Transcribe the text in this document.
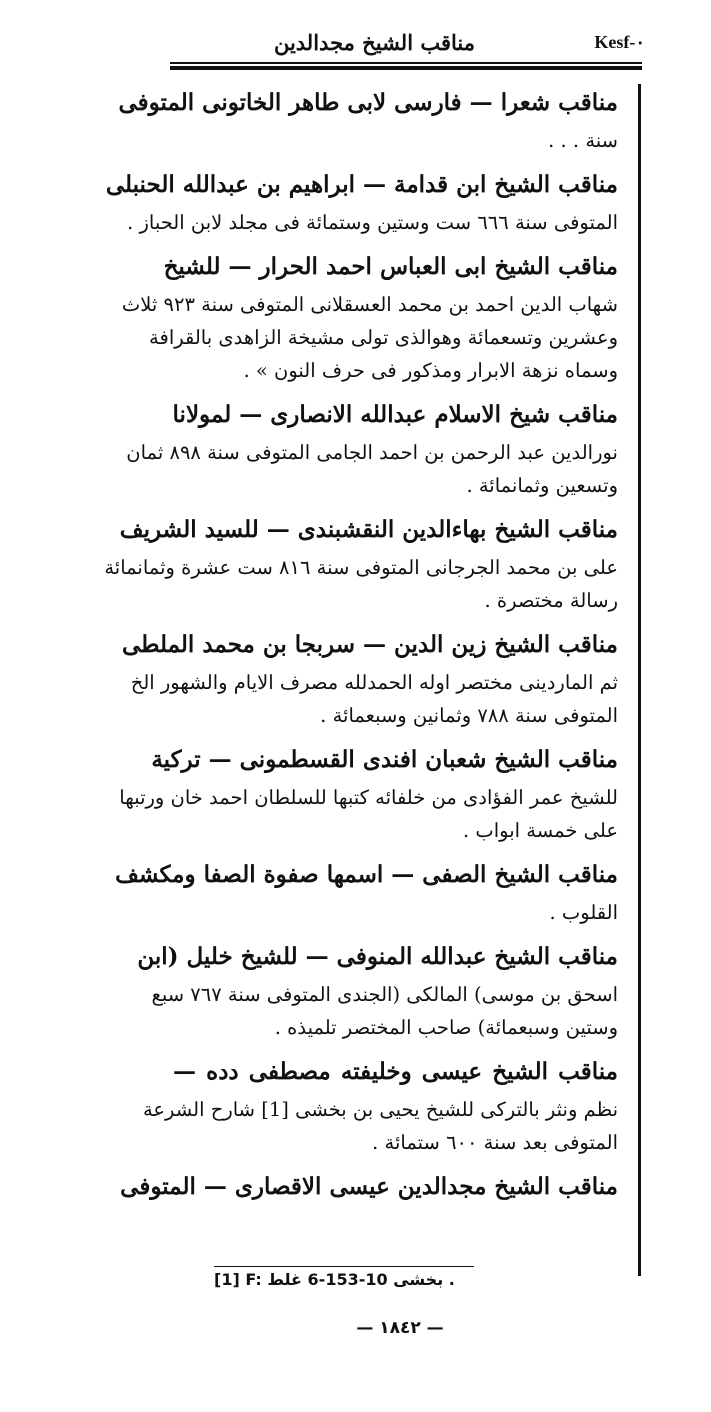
مناقب الشيخ مجدالدين	Kesf-٠
مناقب شعرا — فارسى لابى طاهر الخاتونى المتوفى
سنة . . .
مناقب الشيخ ابن قدامة — ابراهيم بن عبدالله الحنبلى
المتوفى سنة ٦٦٦ ست وستين وستمائة فى مجلد لابن الحباز .
مناقب الشيخ ابى العباس احمد الحرار — للشيخ
شهاب الدين احمد بن محمد العسقلانى المتوفى سنة ٩٢٣ ثلاث
وعشرين وتسعمائة وهوالذى تولى مشيخة الزاهدى بالقرافة
وسماه نزهة الابرار ومذكور فى حرف النون » .
مناقب شيخ الاسلام عبدالله الانصارى — لمولانا
نورالدين عبد الرحمن بن احمد الجامى المتوفى سنة ٨٩٨ ثمان
وتسعين وثمانمائة .
مناقب الشيخ بهاءالدين النقشبندى — للسيد الشريف
على بن محمد الجرجانى المتوفى سنة ٨١٦ ست عشرة وثمانمائة
رسالة مختصرة .
مناقب الشيخ زين الدين — سربجا بن محمد الملطى
ثم الماردينى مختصر اوله الحمدلله مصرف الايام والشهور الخ
المتوفى سنة ٧٨٨ وثمانين وسبعمائة .
مناقب الشيخ شعبان افندى القسطمونى — تركية
للشيخ عمر الفؤادى من خلفائه كتبها للسلطان احمد خان ورتبها
على خمسة ابواب .
مناقب الشيخ الصفى — اسمها صفوة الصفا ومكشف
القلوب .
مناقب الشيخ عبدالله المنوفى — للشيخ خليل (ابن
اسحق بن موسى) المالكى (الجندى المتوفى سنة ٧٦٧ سبع
وستين وسبعمائة) صاحب المختصر تلميذه .
مناقب الشيخ عيسى وخليفته مصطفى دده —
نظم ونثر بالتركى للشيخ يحيى بن بخشى [1] شارح الشرعة
المتوفى بعد سنة ٦٠٠ ستمائة .
مناقب الشيخ مجدالدين عيسى الاقصارى — المتوفى
[1] F: بخشى 10-153-6 غلط .
— ١٨٤٢ —
